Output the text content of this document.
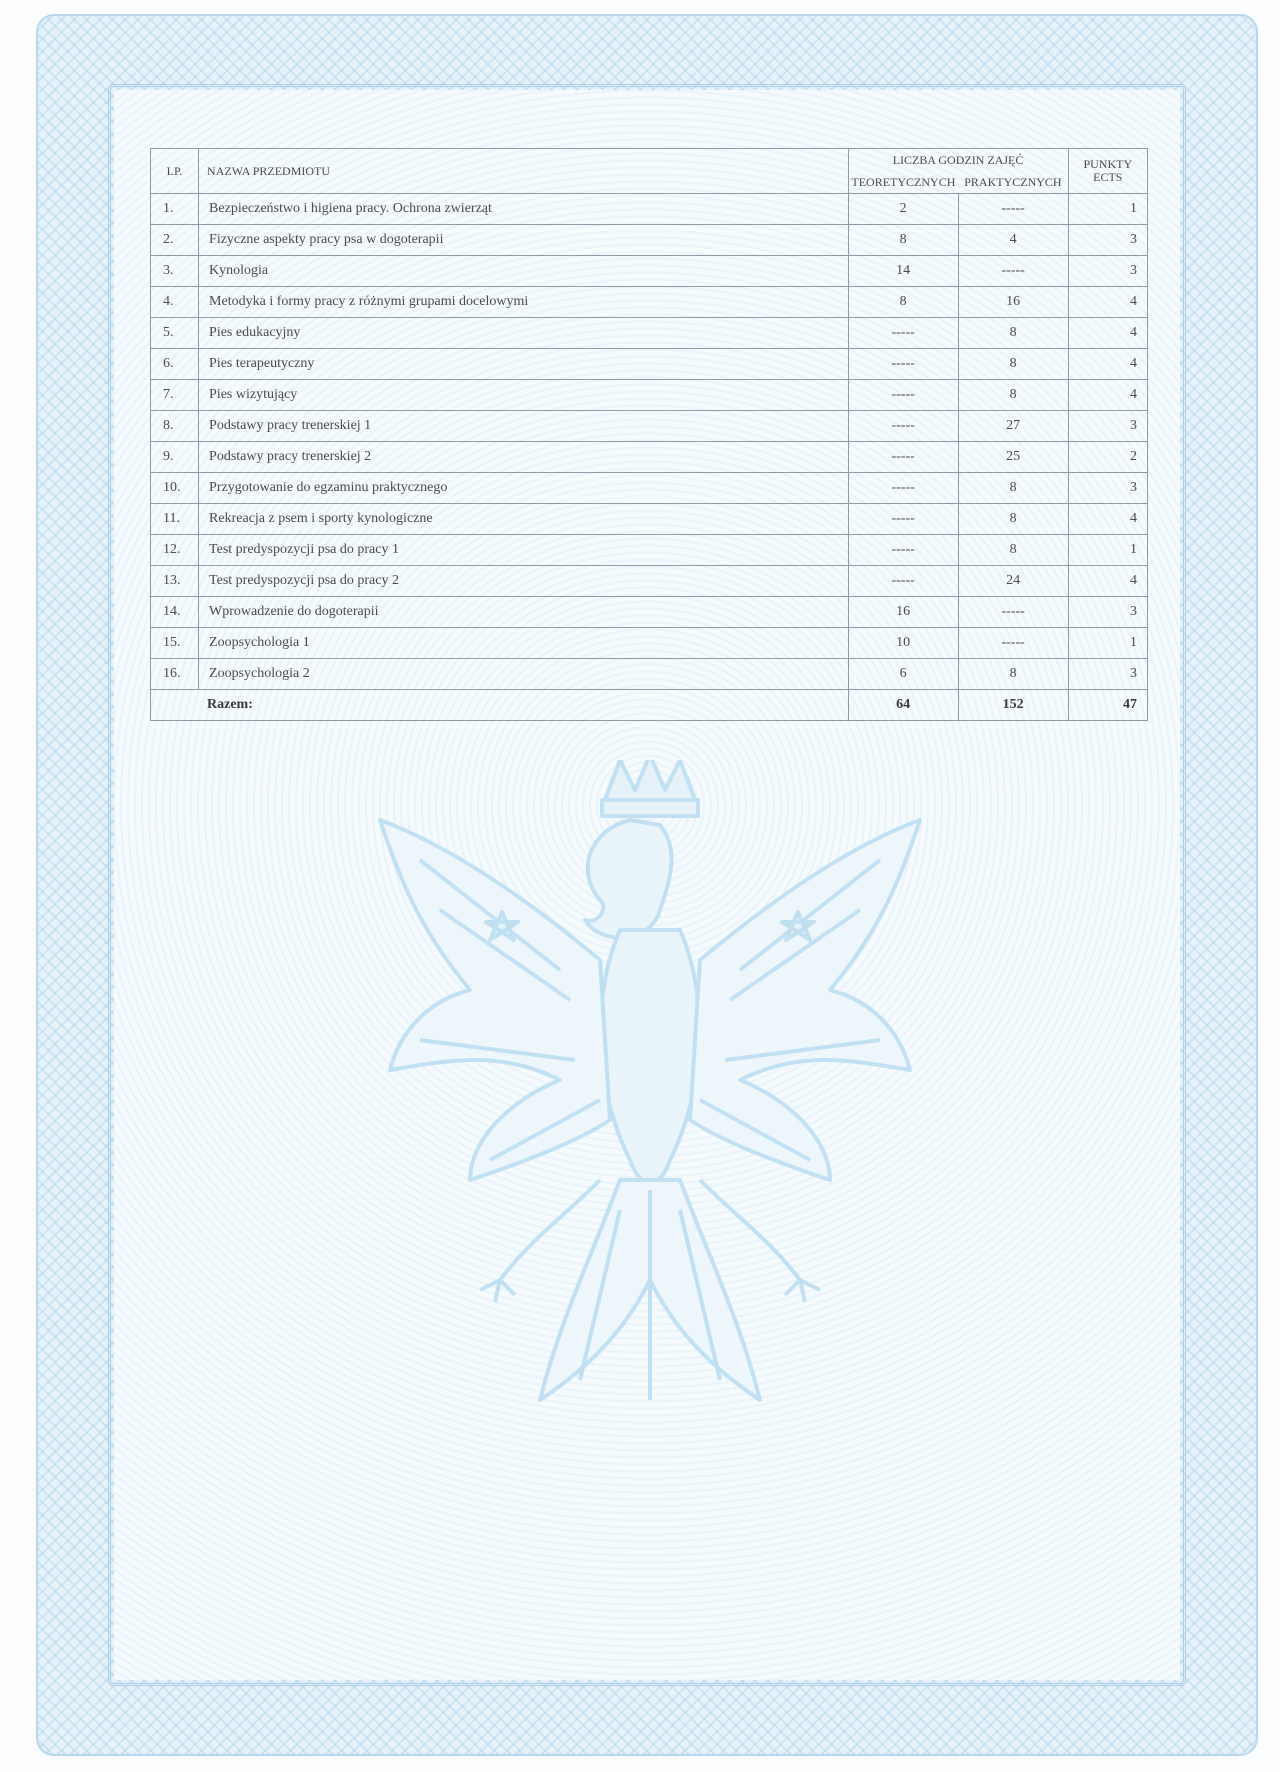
LP.	NAZWA PRZEDMIOTU	LICZBA GODZIN ZAJĘĆ		PUNKTY
ECTS
		TEORETYCZNYCH	PRAKTYCZNYCH	
1.	Bezpieczeństwo i higiena pracy. Ochrona zwierząt	2	-----	1
2.	Fizyczne aspekty pracy psa w dogoterapii	8	4	3
3.	Kynologia	14	-----	3
4.	Metodyka i formy pracy z różnymi grupami docelowymi	8	16	4
5.	Pies edukacyjny	-----	8	4
6.	Pies terapeutyczny	-----	8	4
7.	Pies wizytujący	-----	8	4
8.	Podstawy pracy trenerskiej 1	-----	27	3
9.	Podstawy pracy trenerskiej 2	-----	25	2
10.	Przygotowanie do egzaminu praktycznego	-----	8	3
11.	Rekreacja z psem i sporty kynologiczne	-----	8	4
12.	Test predyspozycji psa do pracy 1	-----	8	1
13.	Test predyspozycji psa do pracy 2	-----	24	4
14.	Wprowadzenie do dogoterapii	16	-----	3
15.	Zoopsychologia 1	10	-----	1
16.	Zoopsychologia 2	6	8	3
Razem:		64	152	47
